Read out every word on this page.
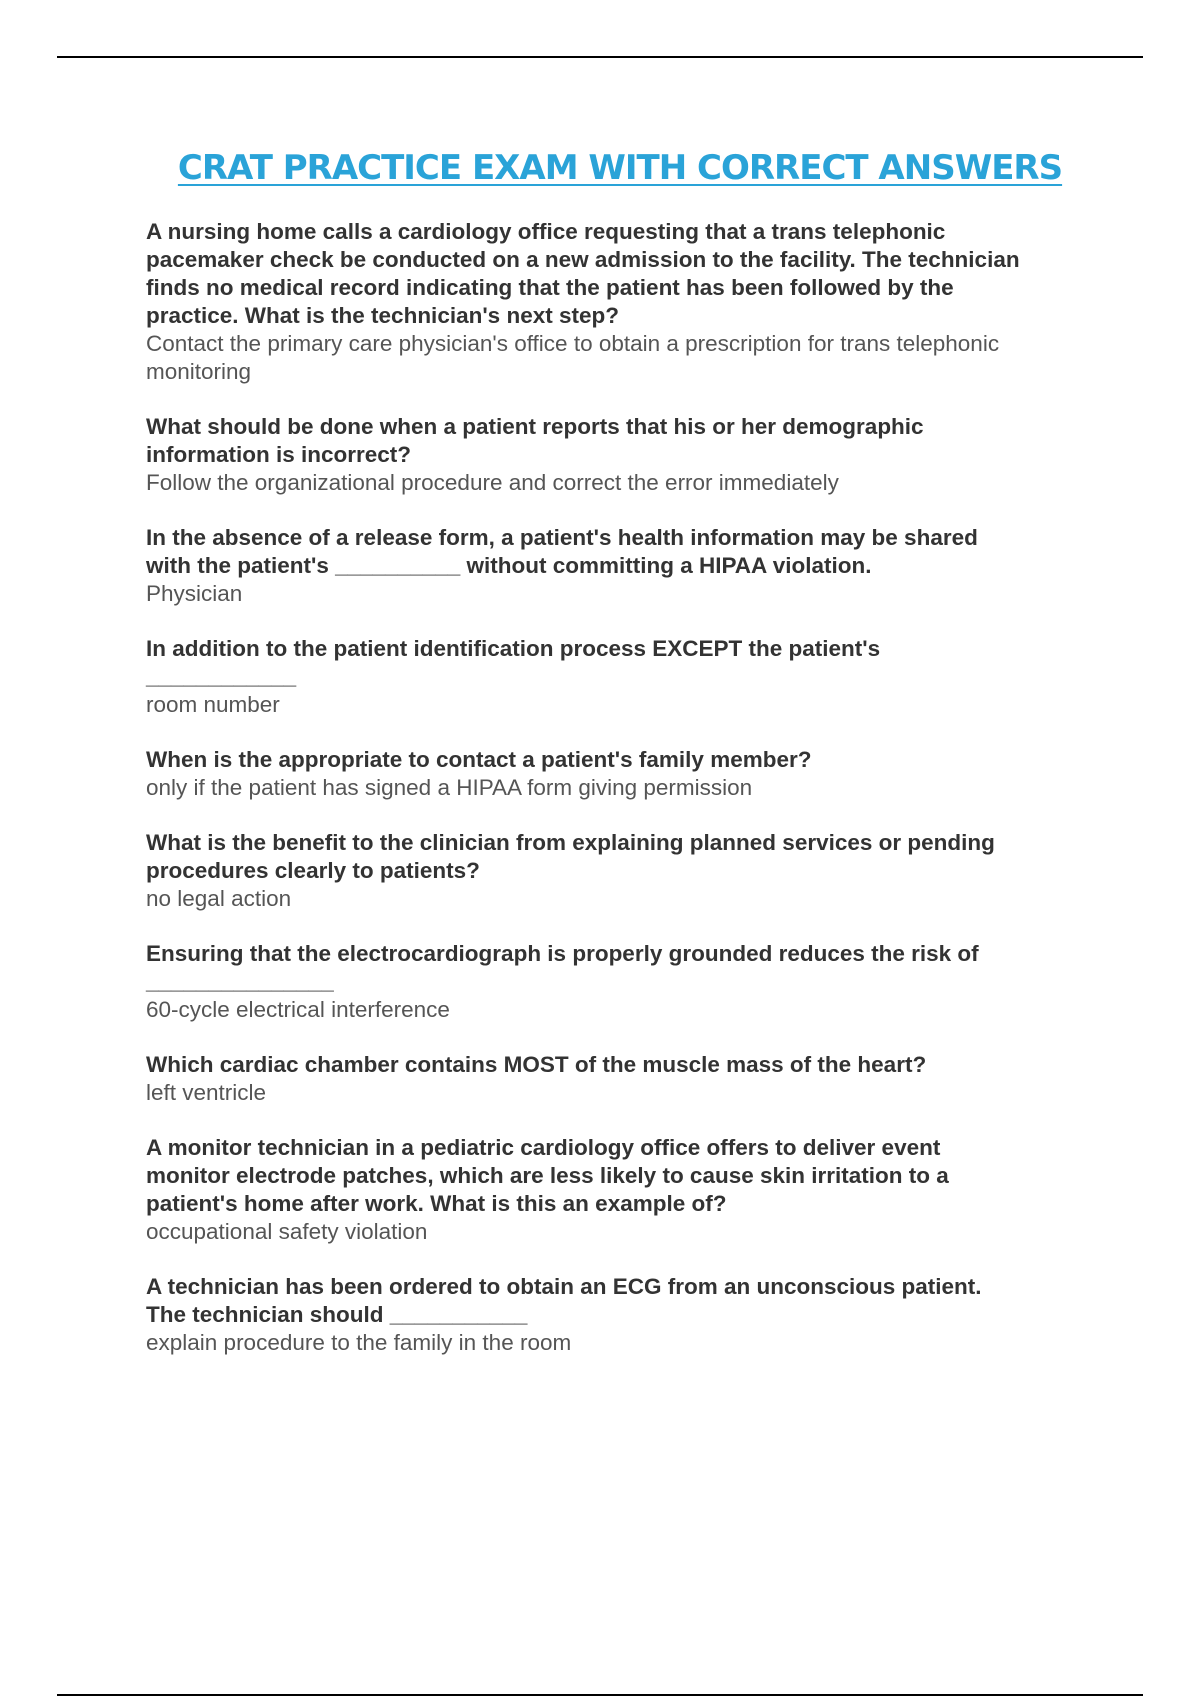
CRAT PRACTICE EXAM WITH CORRECT ANSWERS
A nursing home calls a cardiology office requesting that a trans telephonic
pacemaker check be conducted on a new admission to the facility. The technician
finds no medical record indicating that the patient has been followed by the
practice. What is the technician's next step?
Contact the primary care physician's office to obtain a prescription for trans telephonic
monitoring
What should be done when a patient reports that his or her demographic
information is incorrect?
Follow the organizational procedure and correct the error immediately
In the absence of a release form, a patient's health information may be shared
with the patient's __________ without committing a HIPAA violation.
Physician
In addition to the patient identification process EXCEPT the patient's
____________
room number
When is the appropriate to contact a patient's family member?
only if the patient has signed a HIPAA form giving permission
What is the benefit to the clinician from explaining planned services or pending
procedures clearly to patients?
no legal action
Ensuring that the electrocardiograph is properly grounded reduces the risk of
_______________
60-cycle electrical interference
Which cardiac chamber contains MOST of the muscle mass of the heart?
left ventricle
A monitor technician in a pediatric cardiology office offers to deliver event
monitor electrode patches, which are less likely to cause skin irritation to a
patient's home after work. What is this an example of?
occupational safety violation
A technician has been ordered to obtain an ECG from an unconscious patient.
The technician should ___________
explain procedure to the family in the room
